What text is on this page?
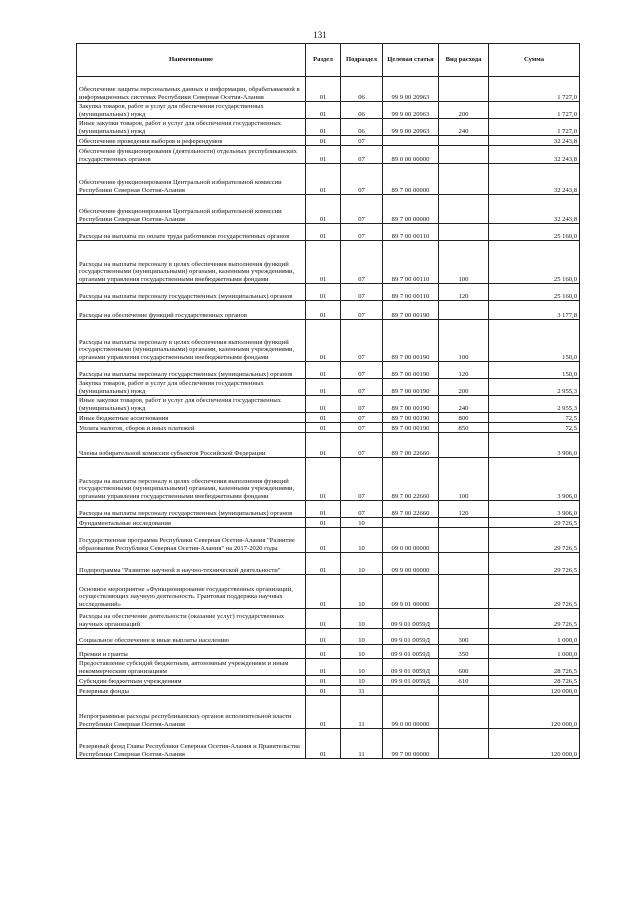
131
Наименование	Раздел	Подраздел	Целевая статья	Вид расхода	Сумма
Обеспечение защиты персональных данных и информации, обрабатываемой в информационных системах Республики Северная Осетия-Алания	01	06	99 9 00 20963		1 727,0
Закупка товаров, работ и услуг для обеспечения государственных (муниципальных) нужд	01	06	99 9 00 20963	200	1 727,0
Иные закупки товаров, работ и услуг для обеспечения государственных (муниципальных) нужд	01	06	99 9 00 20963	240	1 727,0
Обеспечение проведения выборов и референдумов	01	07			32 243,8
Обеспечение функционирования (деятельности) отдельных республиканских государственных органов	01	07	89 0 00 00000		32 243,8
Обеспечение функционирования Центральной избирательной комиссии Республики Северная Осетия-Алания	01	07	89 7 00 00000		32 243,8
Обеспечение функционирования Центральной избирательной комиссии Республики Северная Осетия-Алания	01	07	89 7 00 00000		32 243,8
Расходы на выплаты по оплате труда работников государственных органов	01	07	89 7 00 00110		25 160,0
Расходы на выплаты персоналу в целях обеспечения выполнения функций государственными (муниципальными) органами, казенными учреждениями, органами управления государственными внебюджетными фондами	01	07	89 7 00 00110	100	25 160,0
Расходы на выплаты персоналу государственных (муниципальных) органов	01	07	89 7 00 00110	120	25 160,0
Расходы на обеспечение функций государственных органов	01	07	89 7 00 00190		3 177,8
Расходы на выплаты персоналу в целях обеспечения выполнения функций государственными (муниципальными) органами, казенными учреждениями, органами управления государственными внебюджетными фондами	01	07	89 7 00 00190	100	150,0
Расходы на выплаты персоналу государственных (муниципальных) органов	01	07	89 7 00 00190	120	150,0
Закупка товаров, работ и услуг для обеспечения государственных (муниципальных) нужд	01	07	89 7 00 00190	200	2 955,3
Иные закупки товаров, работ и услуг для обеспечения государственных (муниципальных) нужд	01	07	89 7 00 00190	240	2 955,3
Иные бюджетные ассигнования	01	07	89 7 00 00190	800	72,5
Уплата налогов, сборов и иных платежей	01	07	89 7 00 00190	850	72,5
Члены избирательной комиссии субъектов Российской Федерации	01	07	89 7 00 22660		3 906,0
Расходы на выплаты персоналу в целях обеспечения выполнения функций государственными (муниципальными) органами, казенными учреждениями, органами управления государственными внебюджетными фондами	01	07	89 7 00 22660	100	3 906,0
Расходы на выплаты персоналу государственных (муниципальных) органов	01	07	89 7 00 22660	120	3 906,0
Фундаментальные исследования	01	10			29 726,5
Государственная программа Республики Северная Осетия-Алания "Развитие образования Республики Северная Осетия-Алания" на 2017-2020 годы	01	10	09 0 00 00000		29 726,5
Подпрограмма "Развитие научной и научно-технической деятельности"	01	10	09 9 00 00000		29 726,5
Основное мероприятие «Функционирование государственных организаций, осуществляющих научную деятельность. Грантовая поддержка научных исследований»	01	10	09 9 01 00000		29 726,5
Расходы на обеспечение деятельности (оказание услуг) государственных научных организаций	01	10	09 9 01 0059Д		29 726,5
Социальное обеспечение и иные выплаты населению	01	10	09 9 01 0059Д	300	1 000,0
Премии и гранты	01	10	09 9 01 0059Д	350	1 000,0
Предоставление субсидий бюджетным, автономным учреждениям и иным некоммерческим организациям	01	10	09 9 01 0059Д	600	28 726,5
Субсидии бюджетным учреждениям	01	10	09 9 01 0059Д	610	28 726,5
Резервные фонды	01	11			120 000,0
Непрограммные расходы республиканских органов исполнительной власти Республики Северная Осетия-Алания	01	11	99 0 00 00000		120 000,0
Резервный фонд Главы Республики Северная Осетия-Алания и Правительства Республики Северная Осетия-Алания	01	11	99 7 00 00000		120 000,0
